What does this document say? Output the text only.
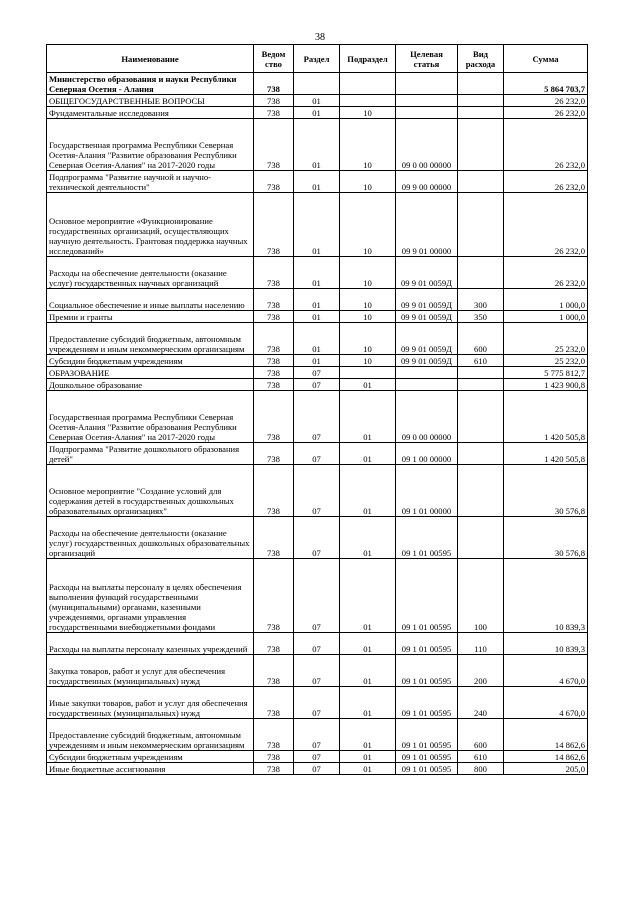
38
Наименование	Ведом ство	Раздел	Подраздел	Целевая статья	Вид расхода	Сумма
Министерство образования и науки Республики Северная Осетия - Алания	738					5 864 703,7
ОБЩЕГОСУДАРСТВЕННЫЕ ВОПРОСЫ	738	01				26 232,0
Фундаментальные исследования	738	01	10			26 232,0
Государственная программа Республики Северная Осетия-Алания "Развитие образования Республики Северная Осетия-Алания" на 2017-2020 годы	738	01	10	09 0 00 00000		26 232,0
Подпрограмма "Развитие научной и научно-технической деятельности"	738	01	10	09 9 00 00000		26 232,0
Основное мероприятие «Функционирование государственных организаций, осуществляющих научную деятельность. Грантовая поддержка научных исследований»	738	01	10	09 9 01 00000		26 232,0
Расходы на обеспечение деятельности (оказание услуг) государственных научных организаций	738	01	10	09 9 01 0059Д		26 232,0
Социальное обеспечение и иные выплаты населению	738	01	10	09 9 01 0059Д	300	1 000,0
Премии и гранты	738	01	10	09 9 01 0059Д	350	1 000,0
Предоставление субсидий бюджетным, автономным учреждениям и иным некоммерческим организациям	738	01	10	09 9 01 0059Д	600	25 232,0
Субсидии бюджетным учреждениям	738	01	10	09 9 01 0059Д	610	25 232,0
ОБРАЗОВАНИЕ	738	07				5 775 812,7
Дошкольное образование	738	07	01			1 423 900,8
Государственная программа Республики Северная Осетия-Алания "Развитие образования Республики Северная Осетия-Алания" на 2017-2020 годы	738	07	01	09 0 00 00000		1 420 505,8
Подпрограмма "Развитие дошкольного образования детей"	738	07	01	09 1 00 00000		1 420 505,8
Основное мероприятие "Создание условий для содержания детей в государственных дошкольных образовательных организациях"	738	07	01	09 1 01 00000		30 576,8
Расходы на обеспечение деятельности (оказание услуг) государственных дошкольных образовательных организаций	738	07	01	09 1 01 00595		30 576,8
Расходы на выплаты персоналу в целях обеспечения выполнения функций государственными (муниципальными) органами, казенными учреждениями, органами управления государственными внебюджетными фондами	738	07	01	09 1 01 00595	100	10 839,3
Расходы на выплаты персоналу казенных учреждений	738	07	01	09 1 01 00595	110	10 839,3
Закупка товаров, работ и услуг для обеспечения государственных (муниципальных) нужд	738	07	01	09 1 01 00595	200	4 670,0
Иные закупки товаров, работ и услуг для обеспечения государственных (муниципальных) нужд	738	07	01	09 1 01 00595	240	4 670,0
Предоставление субсидий бюджетным, автономным учреждениям и иным некоммерческим организациям	738	07	01	09 1 01 00595	600	14 862,6
Субсидии бюджетным учреждениям	738	07	01	09 1 01 00595	610	14 862,6
Иные бюджетные ассигнования	738	07	01	09 1 01 00595	800	205,0
